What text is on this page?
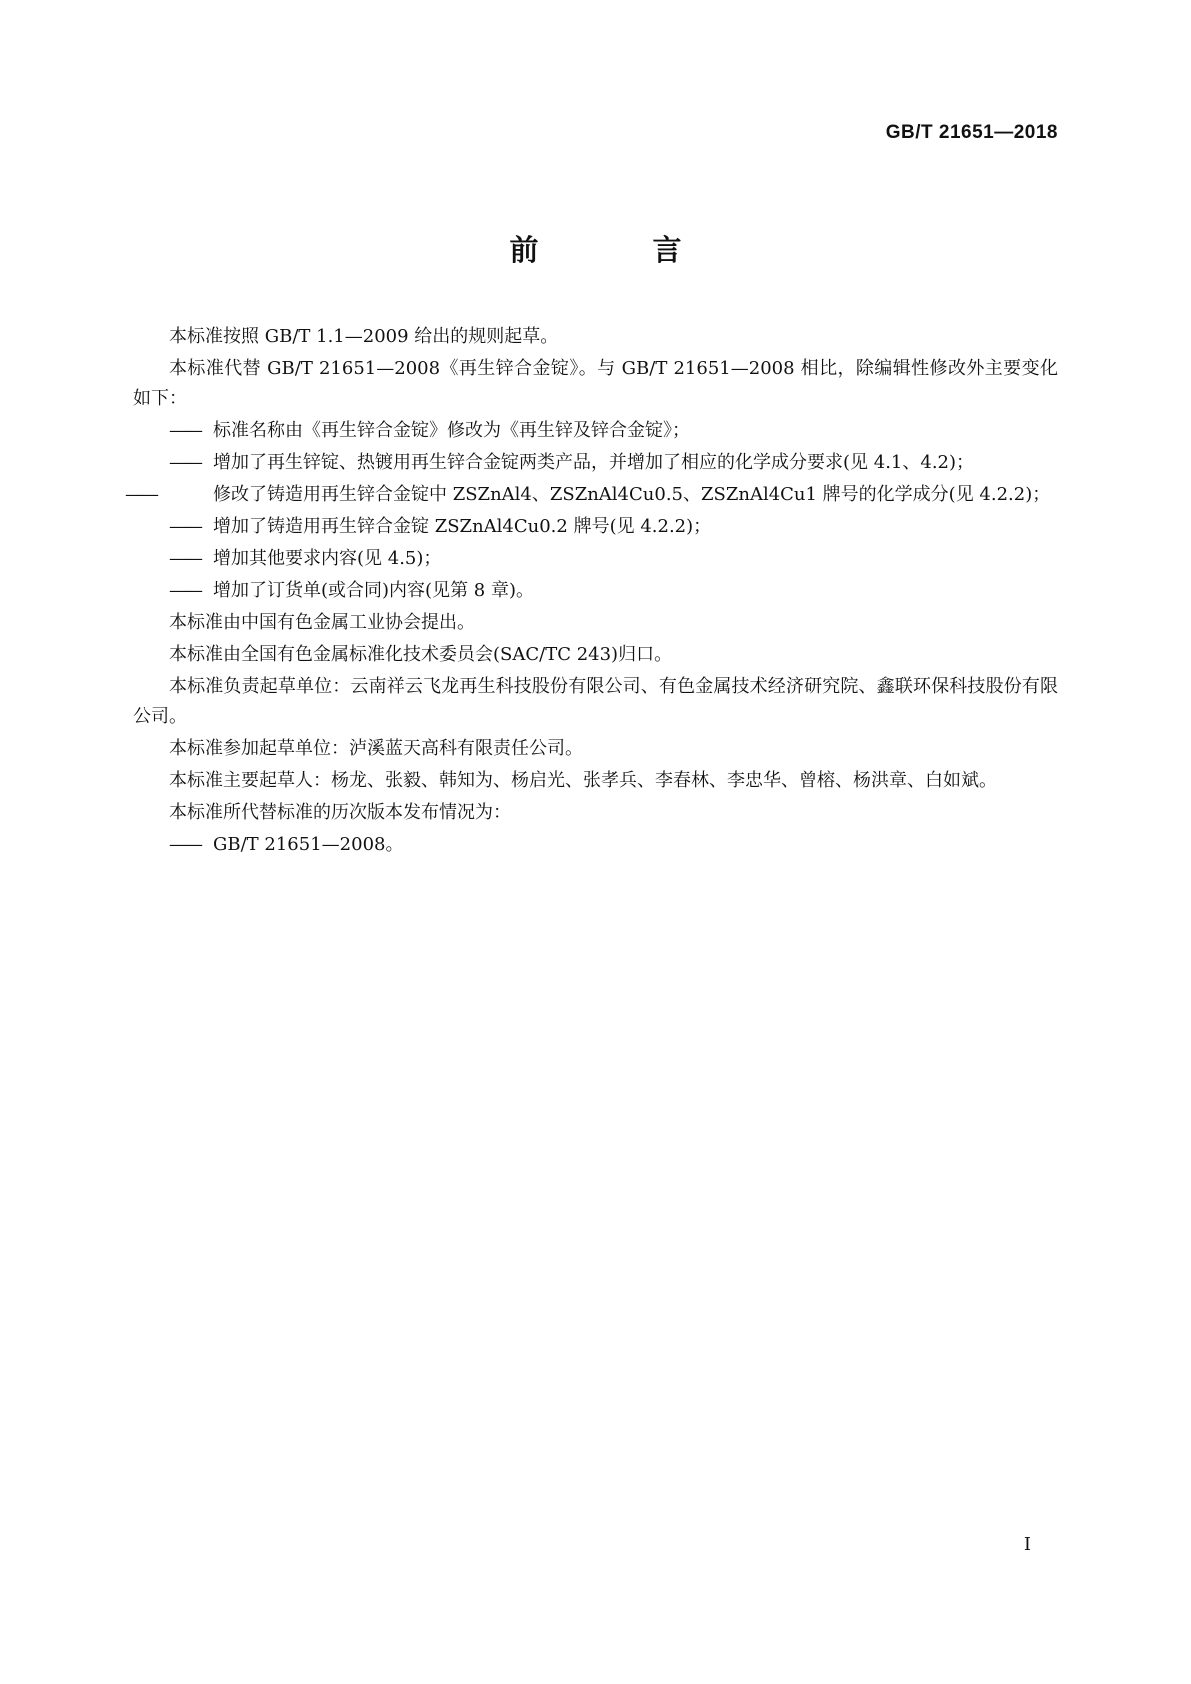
GB/T 21651—2018
前 言

本标准按照 GB/T 1.1—2009 给出的规则起草。

本标准代替 GB/T 21651—2008《再生锌合金锭》。与 GB/T 21651—2008 相比，除编辑性修改外主要变化如下：

—— 标准名称由《再生锌合金锭》修改为《再生锌及锌合金锭》；

—— 增加了再生锌锭、热镀用再生锌合金锭两类产品，并增加了相应的化学成分要求(见 4.1、4.2)；

——	修改了铸造用再生锌合金锭中 ZSZnAl4、ZSZnAl4Cu0.5、ZSZnAl4Cu1 牌号的化学成分(见 4.2.2)；

—— 增加了铸造用再生锌合金锭 ZSZnAl4Cu0.2 牌号(见 4.2.2)；

—— 增加其他要求内容(见 4.5)；

—— 增加了订货单(或合同)内容(见第 8 章)。

本标准由中国有色金属工业协会提出。

本标准由全国有色金属标准化技术委员会(SAC/TC 243)归口。

本标准负责起草单位：云南祥云飞龙再生科技股份有限公司、有色金属技术经济研究院、鑫联环保科技股份有限公司。

本标准参加起草单位：泸溪蓝天高科有限责任公司。

本标准主要起草人：杨龙、张毅、韩知为、杨启光、张孝兵、李春林、李忠华、曾榕、杨洪章、白如斌。

本标准所代替标准的历次版本发布情况为：

—— GB/T 21651—2008。

I
